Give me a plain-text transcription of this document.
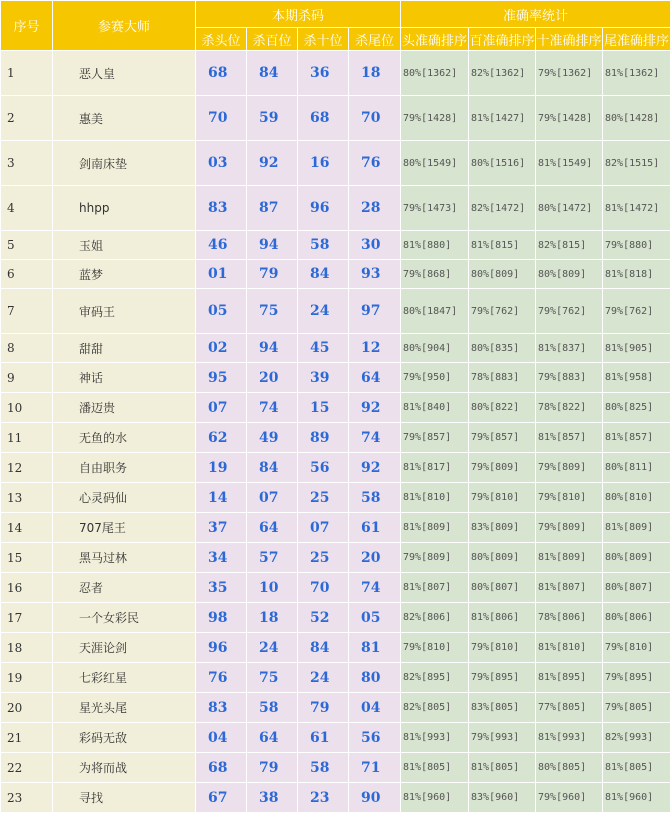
序号	参赛大师	本期杀码				准确率统计			
		杀头位	杀百位	杀十位	杀尾位	头准确排序	百准确排序	十准确排序	尾准确排序
1	恶人皇	68	84	36	18	80%[1362]	82%[1362]	79%[1362]	81%[1362]
2	惠美	70	59	68	70	79%[1428]	81%[1427]	79%[1428]	80%[1428]
3	剑南床垫	03	92	16	76	80%[1549]	80%[1516]	81%[1549]	82%[1515]
4	hhpp	83	87	96	28	79%[1473]	82%[1472]	80%[1472]	81%[1472]
5	玉姐	46	94	58	30	81%[880]	81%[815]	82%[815]	79%[880]
6	蓝梦	01	79	84	93	79%[868]	80%[809]	80%[809]	81%[818]
7	审码王	05	75	24	97	80%[1847]	79%[762]	79%[762]	79%[762]
8	甜甜	02	94	45	12	80%[904]	80%[835]	81%[837]	81%[905]
9	神话	95	20	39	64	79%[950]	78%[883]	79%[883]	81%[958]
10	潘迈贵	07	74	15	92	81%[840]	80%[822]	78%[822]	80%[825]
11	无鱼的水	62	49	89	74	79%[857]	79%[857]	81%[857]	81%[857]
12	自由职务	19	84	56	92	81%[817]	79%[809]	79%[809]	80%[811]
13	心灵码仙	14	07	25	58	81%[810]	79%[810]	79%[810]	80%[810]
14	707尾王	37	64	07	61	81%[809]	83%[809]	79%[809]	81%[809]
15	黑马过林	34	57	25	20	79%[809]	80%[809]	81%[809]	80%[809]
16	忍者	35	10	70	74	81%[807]	80%[807]	81%[807]	80%[807]
17	一个女彩民	98	18	52	05	82%[806]	81%[806]	78%[806]	80%[806]
18	天涯论剑	96	24	84	81	79%[810]	79%[810]	81%[810]	79%[810]
19	七彩红星	76	75	24	80	82%[895]	79%[895]	81%[895]	79%[895]
20	星光头尾	83	58	79	04	82%[805]	83%[805]	77%[805]	79%[805]
21	彩码无敌	04	64	61	56	81%[993]	79%[993]	81%[993]	82%[993]
22	为将而战	68	79	58	71	81%[805]	81%[805]	80%[805]	81%[805]
23	寻找	67	38	23	90	81%[960]	83%[960]	79%[960]	81%[960]
